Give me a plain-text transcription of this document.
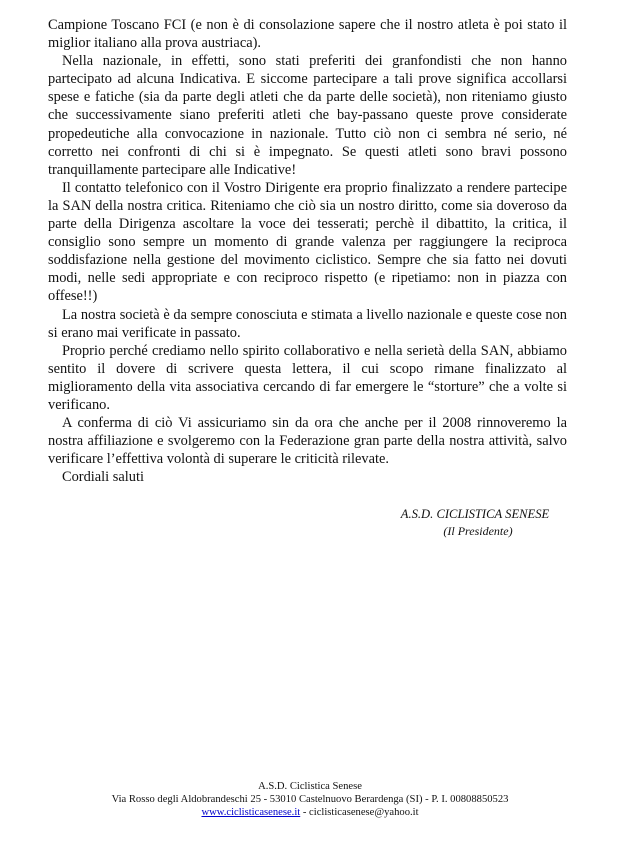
Campione Toscano FCI (e non è di consolazione sapere che il nostro atleta è poi stato il miglior italiano alla prova austriaca).

Nella nazionale, in effetti, sono stati preferiti dei granfondisti che non hanno partecipato ad alcuna Indicativa. E siccome partecipare a tali prove significa accollarsi spese e fatiche (sia da parte degli atleti che da parte delle società), non riteniamo giusto che successivamente siano preferiti atleti che bay-passano queste prove considerate propedeutiche alla convocazione in nazionale. Tutto ciò non ci sembra né serio, né corretto nei confronti di chi si è impegnato. Se questi atleti sono bravi possono tranquillamente partecipare alle Indicative!

Il contatto telefonico con il Vostro Dirigente era proprio finalizzato a rendere partecipe la SAN della nostra critica. Riteniamo che ciò sia un nostro diritto, come sia doveroso da parte della Dirigenza ascoltare la voce dei tesserati; perchè il dibattito, la critica, il consiglio sono sempre un momento di grande valenza per raggiungere la reciproca soddisfazione nella gestione del movimento ciclistico. Sempre che sia fatto nei dovuti modi, nelle sedi appropriate e con reciproco rispetto (e ripetiamo: non in piazza con offese!!)

La nostra società è da sempre conosciuta e stimata a livello nazionale e queste cose non si erano mai verificate in passato.

Proprio perché crediamo nello spirito collaborativo e nella serietà della SAN, abbiamo sentito il dovere di scrivere questa lettera, il cui scopo rimane finalizzato al miglioramento della vita associativa cercando di far emergere le “storture” che a volte si verificano.

A conferma di ciò Vi assicuriamo sin da ora che anche per il 2008 rinnoveremo la nostra affiliazione e svolgeremo con la Federazione gran parte della nostra attività, salvo verificare l’effettiva volontà di superare le criticità rilevate.

Cordiali saluti

A.S.D. CICLISTICA SENESE
(Il Presidente)
A.S.D. Ciclistica Senese
Via Rosso degli Aldobrandeschi 25 - 53010 Castelnuovo Berardenga (SI) - P. I. 00808850523
www.ciclisticasenese.it - ciclisticasenese@yahoo.it
